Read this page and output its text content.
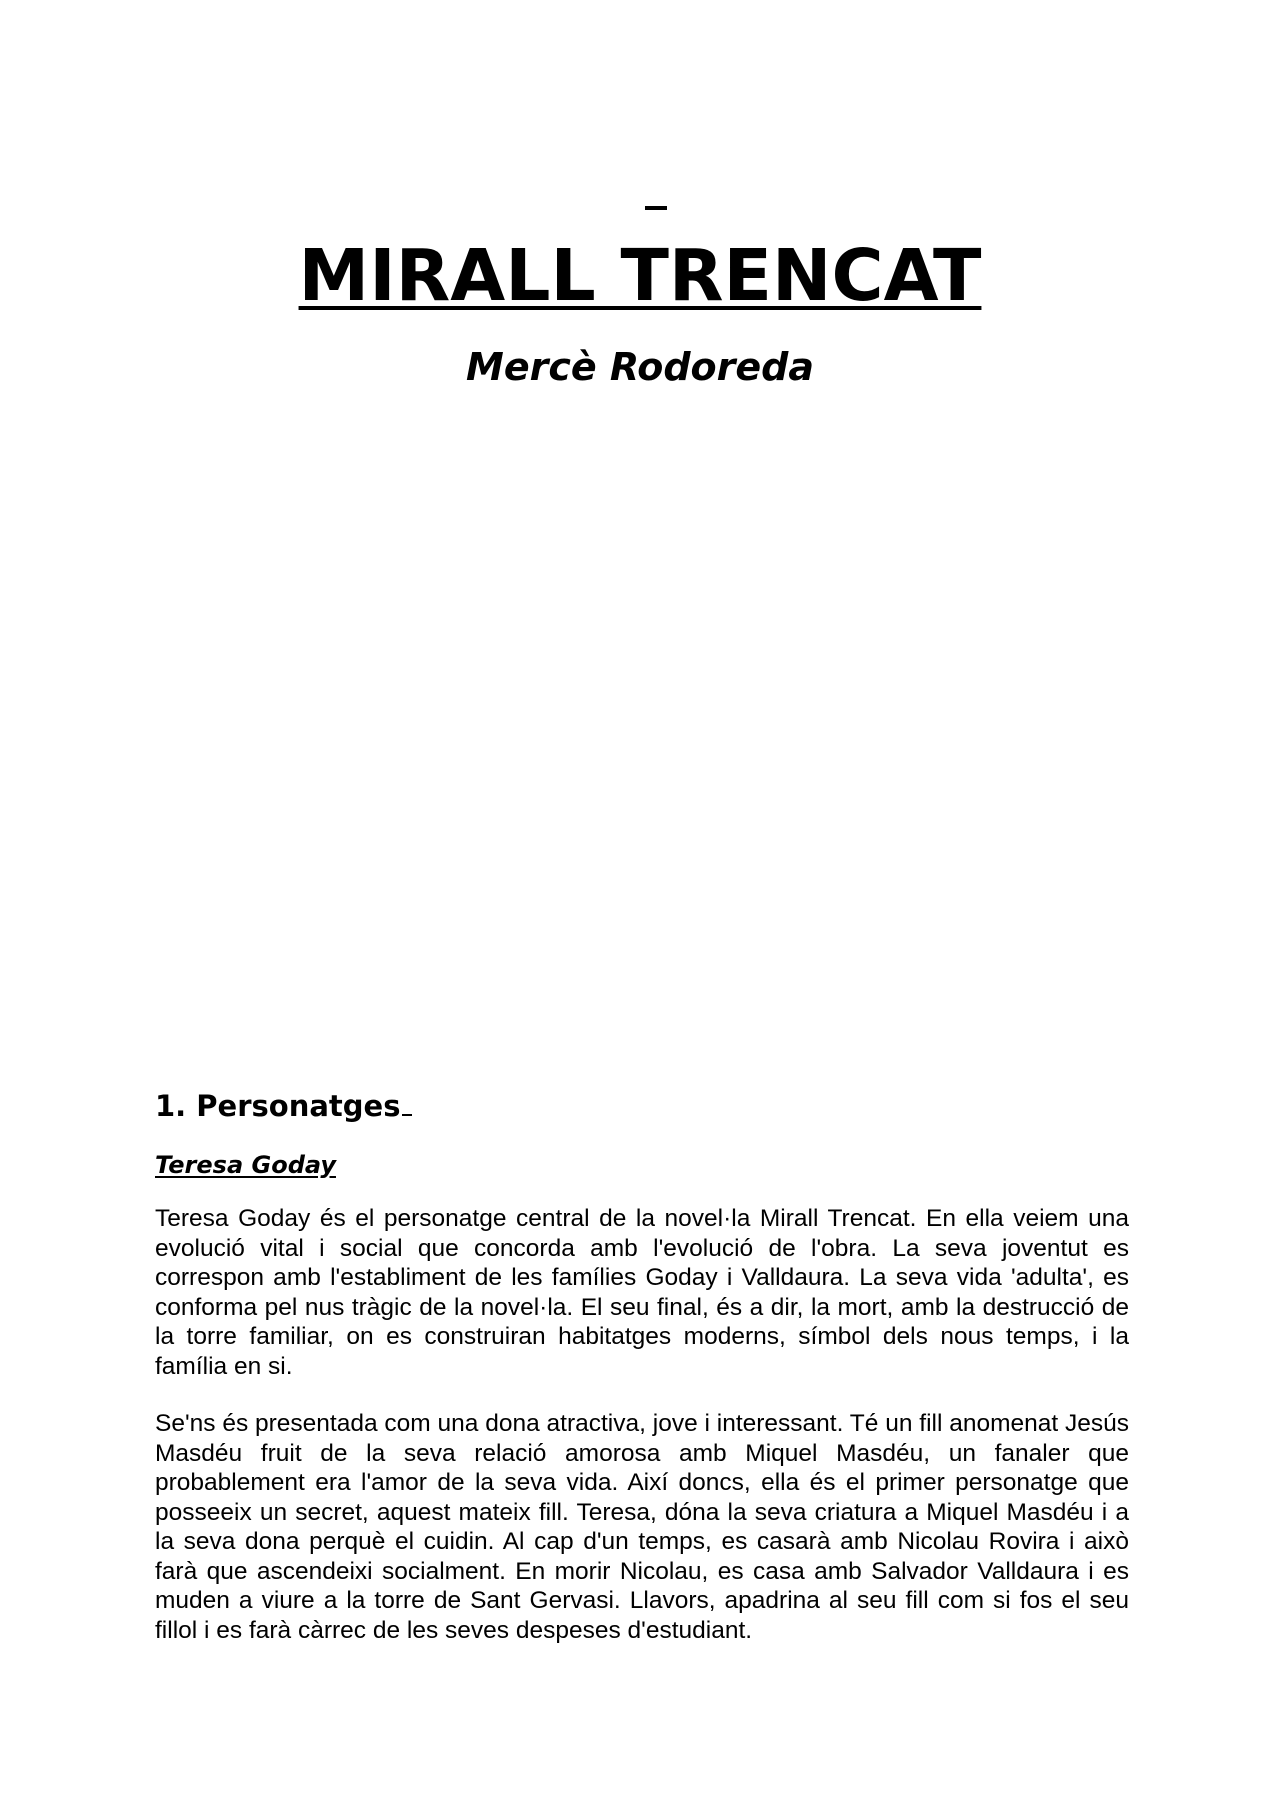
MIRALL TRENCAT
Mercè Rodoreda
1. Personatges
Teresa Goday

Teresa Goday és el personatge central de la novel·la Mirall Trencat. En ella veiem una evolució vital i social que concorda amb l'evolució de l'obra. La seva joventut es correspon amb l'establiment de les famílies Goday i Valldaura. La seva vida 'adulta', es conforma pel nus tràgic de la novel·la. El seu final, és a dir, la mort, amb la destrucció de la torre familiar, on es construiran habitatges moderns, símbol dels nous temps, i la família en si.

Se'ns és presentada com una dona atractiva, jove i interessant. Té un fill anomenat Jesús Masdéu fruit de la seva relació amorosa amb Miquel Masdéu, un fanaler que probablement era l'amor de la seva vida. Així doncs, ella és el primer personatge que posseeix un secret, aquest mateix fill. Teresa, dóna la seva criatura a Miquel Masdéu i a la seva dona perquè el cuidin. Al cap d'un temps, es casarà amb Nicolau Rovira i això farà que ascendeixi socialment. En morir Nicolau, es casa amb Salvador Valldaura i es muden a viure a la torre de Sant Gervasi. Llavors, apadrina al seu fill com si fos el seu fillol i es farà càrrec de les seves despeses d'estudiant.
